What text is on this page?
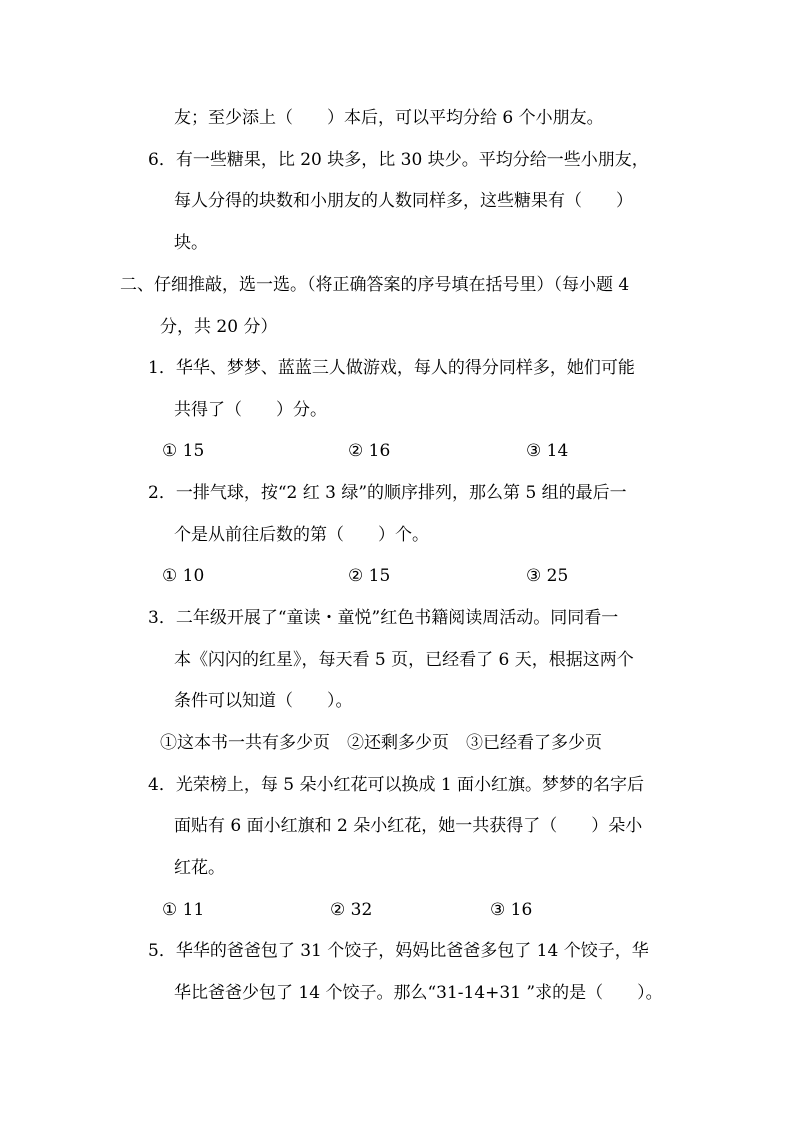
友；至少添上（　　）本后，可以平均分给 6 个小朋友。
6．有一些糖果，比 20 块多，比 30 块少。平均分给一些小朋友，
每人分得的块数和小朋友的人数同样多，这些糖果有（　　）
块。
二、仔细推敲，选一选。（将正确答案的序号填在括号里）（每小题 4
分，共 20 分）
1．华华、梦梦、蓝蓝三人做游戏，每人的得分同样多，她们可能
共得了（　　）分。
① 15	② 16	③ 14
2．一排气球，按“2 红 3 绿”的顺序排列，那么第 5 组的最后一
个是从前往后数的第（　　）个。
① 10	② 15	③ 25
3．二年级开展了“童读・童悦”红色书籍阅读周活动。同同看一
本《闪闪的红星》，每天看 5 页，已经看了 6 天，根据这两个
条件可以知道（　　）。
①这本书一共有多少页　②还剩多少页　③已经看了多少页
4．光荣榜上，每 5 朵小红花可以换成 1 面小红旗。梦梦的名字后
面贴有 6 面小红旗和 2 朵小红花，她一共获得了（　　）朵小
红花。
① 11	② 32	③ 16
5．华华的爸爸包了 31 个饺子，妈妈比爸爸多包了 14 个饺子，华
华比爸爸少包了 14 个饺子。那么“31-14+31 ”求的是（　　）。
